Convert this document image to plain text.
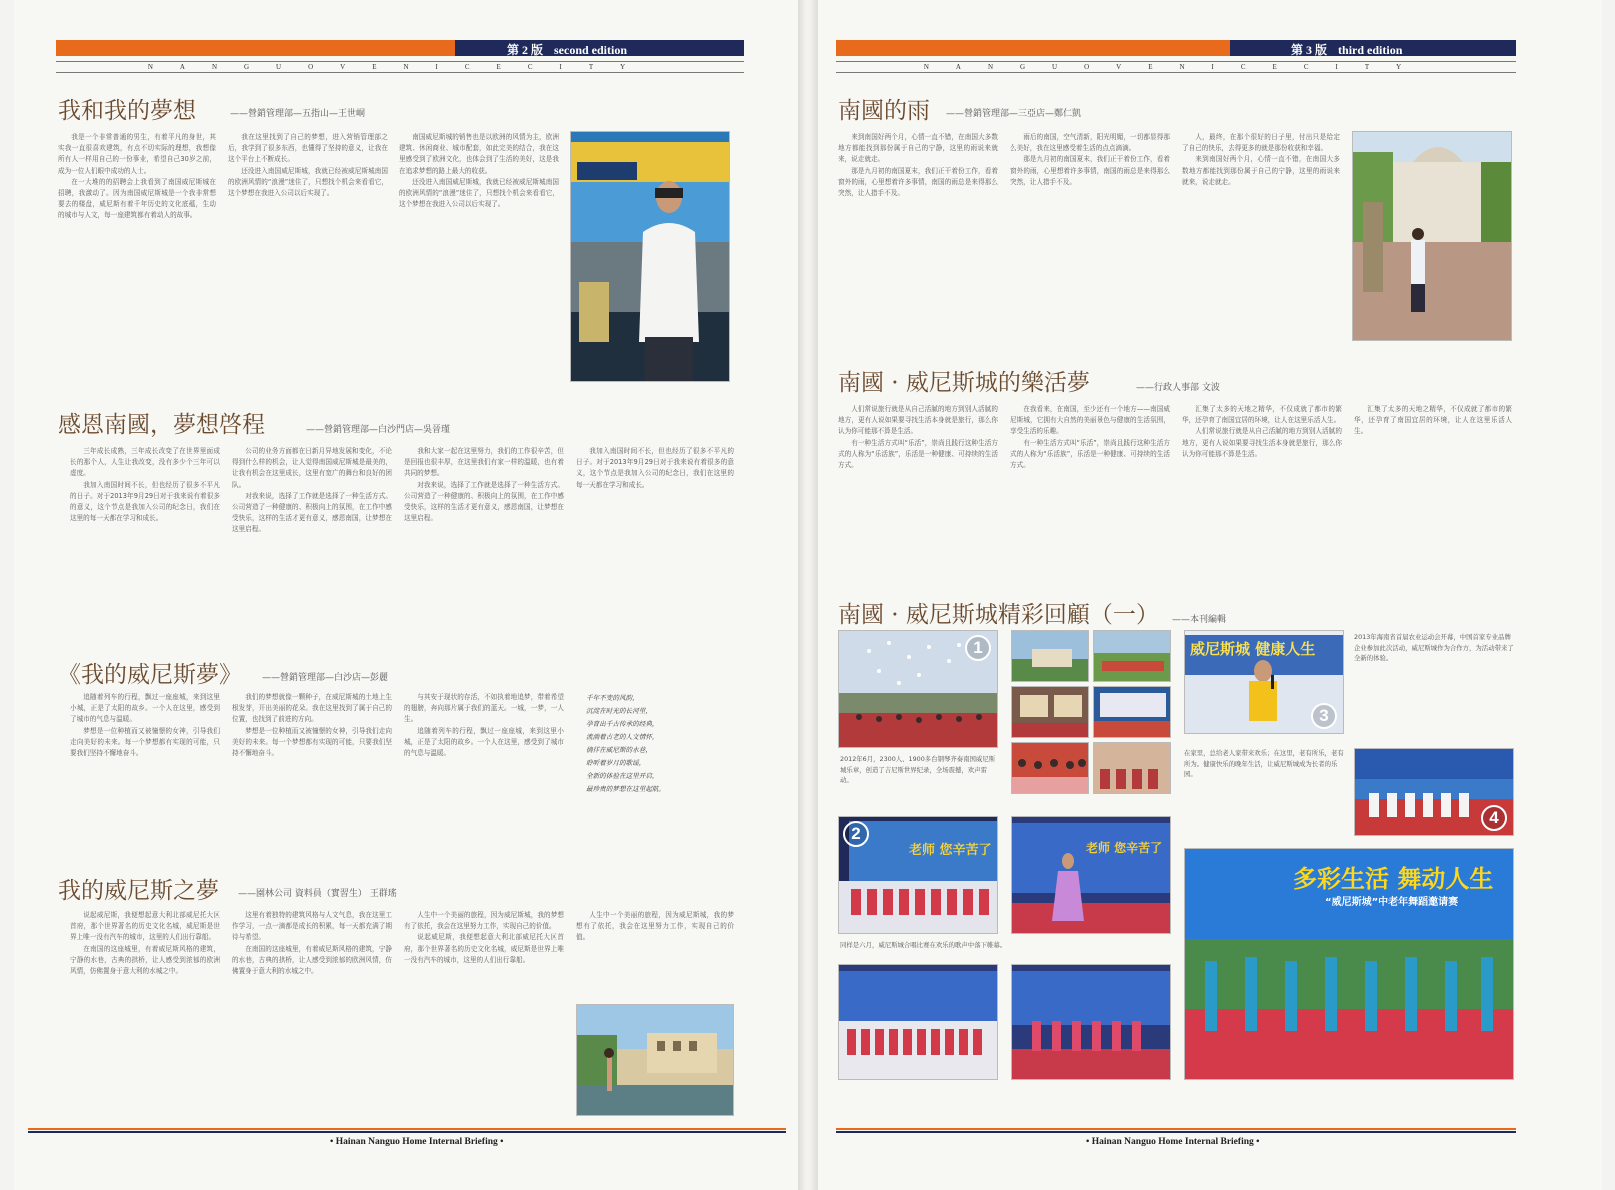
第 2 版 second edition
NANGUOVENICECITY
我和我的夢想	——營銷管理部—五指山—王世峒

我是一个非常普通的男生，有着平凡的身世，其实我一直很喜欢建筑，有点不切实际的理想，我想像所有人一样用自己的一份事业，希望自己30岁之前，成为一位人们眼中成功的人士。

在一大堆的的招聘会上我看到了南国威尼斯城在招聘，我激动了。因为南国威尼斯城是一个我非常想要去的楼盘，威尼斯有着千年历史的文化底蕴，生动的城市与人文，每一座建筑都有着动人的故事。

我在这里找到了自己的梦想，进入营销管理部之后，我学到了很多东西，也懂得了坚持的意义，让我在这个平台上不断成长。

还没进入南国威尼斯城，我就已经被威尼斯城南国的欧洲风情的“浪漫”迷住了，只想找个机会来看看它，这个梦想在我进入公司以后实现了。

南国威尼斯城的销售也是以欧洲的风情为主，欧洲建筑、休闲商业、城市配套，如此完美的结合，我在这里感受到了欧洲文化，也体会到了生活的美好，这是我在追求梦想的路上最大的收获。

还没进入南国威尼斯城，我就已经被威尼斯城南国的欧洲风情的“浪漫”迷住了，只想找个机会来看看它，这个梦想在我进入公司以后实现了。

感恩南國，夢想啓程	——營銷管理部—白沙門店—吳晉瑾

三年成长成熟，三年成长改变了在世界里面成长的那个人，人生让我改变，没有多少个三年可以虚度。

我加入南国时间不长，但也经历了很多不平凡的日子。对于2013年9月29日对于我来说有着很多的意义，这个节点是我加入公司的纪念日，我们在这里的每一天都在学习和成长。

公司的业务方面都在日新月异地发展和变化，不论得到什么样的机会，让人觉得南国威尼斯城是最美的，让我有机会在这里成长，这里有宽广的舞台和良好的团队。

对我来说，选择了工作就是选择了一种生活方式。公司营造了一种健康的、积极向上的氛围，在工作中感受快乐，这样的生活才更有意义，感恩南国，让梦想在这里启程。

我和大家一起在这里努力，我们的工作很辛苦，但是回报也很丰厚，在这里我们有家一样的温暖，也有着共同的梦想。

对我来说，选择了工作就是选择了一种生活方式。公司营造了一种健康的、积极向上的氛围，在工作中感受快乐，这样的生活才更有意义，感恩南国，让梦想在这里启程。

我加入南国时间不长，但也经历了很多不平凡的日子。对于2013年9月29日对于我来说有着很多的意义，这个节点是我加入公司的纪念日，我们在这里的每一天都在学习和成长。

《我的威尼斯夢》 ——營銷管理部—白沙店—彭麗

追随着列车的行程，飘过一座座城，来到这里小城，正是了太阳的故乡。一个人在这里，感受到了城市的气息与温暖。

梦想是一位种植而又被憧憬的女神，引导我们走向美好的未来。每一个梦想都有实现的可能，只要我们坚持不懈地奋斗。

我们的梦想就像一颗种子，在威尼斯城的土地上生根发芽，开出美丽的花朵。我在这里找到了属于自己的位置，也找到了前进的方向。

梦想是一位种植而又被憧憬的女神，引导我们走向美好的未来。每一个梦想都有实现的可能，只要我们坚持不懈地奋斗。

与其安于现状的存活，不如执着地追梦，带着希望的翅膀，奔向那片属于我们的蓝天。一城，一梦，一人生。

追随着列车的行程，飘过一座座城，来到这里小城，正是了太阳的故乡。一个人在这里，感受到了城市的气息与温暖。

千年不变的风韵，
沉淀在时光的长河里，
孕育出千古传承的经典，
流淌着古老的人文情怀，
徜徉在威尼斯的水巷，
聆听着岁月的歌谣，
全新的体验在这里开启，
最珍贵的梦想在这里起航。
我的威尼斯之夢 ——園林公司 資料員（實習生） 王群瑤

说起威尼斯，我便想起意大利北部威尼托大区首府，那个世界著名的历史文化名城，威尼斯是世界上唯一没有汽车的城市，这里的人们出行靠船。

在南国的这座城里，有着威尼斯风格的建筑，宁静的水巷，古典的拱桥，让人感受到浓郁的欧洲风情，仿佛置身于意大利的水城之中。

这里有着独特的建筑风格与人文气息，我在这里工作学习，一点一滴都是成长的积累，每一天都充满了期待与希望。

在南国的这座城里，有着威尼斯风格的建筑，宁静的水巷，古典的拱桥，让人感受到浓郁的欧洲风情，仿佛置身于意大利的水城之中。

人生中一个美丽的旅程，因为威尼斯城，我的梦想有了依托，我会在这里努力工作，实现自己的价值。

说起威尼斯，我便想起意大利北部威尼托大区首府，那个世界著名的历史文化名城，威尼斯是世界上唯一没有汽车的城市，这里的人们出行靠船。

人生中一个美丽的旅程，因为威尼斯城，我的梦想有了依托，我会在这里努力工作，实现自己的价值。

• Hainan Nanguo Home Internal Briefing •
第 3 版 third edition
NANGUOVENICECITY
南國的雨 ——營銷管理部—三亞店—鄭仁凱

来到南国好两个月，心情一直不错，在南国大多数地方都能找到那份属于自己的宁静，这里的雨说来就来，说走就走。

那是九月初的南国夏末，我们正干着份工作，看着窗外的雨，心里想着许多事情，南国的雨总是来得那么突然，让人措手不及。

雨后的南国，空气清新，阳光明媚，一切都显得那么美好，我在这里感受着生活的点点滴滴。

那是九月初的南国夏末，我们正干着份工作，看着窗外的雨，心里想着许多事情，南国的雨总是来得那么突然，让人措手不及。

人，最终，在那个很好的日子里，付出只是给定了自己的快乐，去得更多的就是那份收获和幸福。

来到南国好两个月，心情一直不错，在南国大多数地方都能找到那份属于自己的宁静，这里的雨说来就来，说走就走。

南國 · 威尼斯城的樂活夢	——行政人事部 文波

人们常说旅行就是从自己活腻的地方到别人活腻的地方，更有人说如果要寻找生活本身就是旅行，那么你认为你可能那不算是生活。

有一种生活方式叫“乐活”，崇尚且践行这种生活方式的人称为“乐活族”，乐活是一种健康、可持续的生活方式。

在我看来，在南国，至少还有一个地方——南国威尼斯城，它拥有大自然的美丽景色与健康的生活氛围，享受生活的乐趣。

有一种生活方式叫“乐活”，崇尚且践行这种生活方式的人称为“乐活族”，乐活是一种健康、可持续的生活方式。

汇集了太多的天地之精华，不仅成就了都市的繁华，还孕育了南国宜居的环境，让人在这里乐活人生。

人们常说旅行就是从自己活腻的地方到别人活腻的地方，更有人说如果要寻找生活本身就是旅行，那么你认为你可能那不算是生活。

汇集了太多的天地之精华，不仅成就了都市的繁华，还孕育了南国宜居的环境，让人在这里乐活人生。

南國 · 威尼斯城精彩回顧（一） ——本刊編輯
1
2012年6月，2300人、1900多台钢琴齐奏南国威尼斯城乐章，创造了吉尼斯世界纪录，全场震撼，欢声雷动。
3
威尼斯城 健康人生
2013年海南省首届农业运动会开幕，中国首家专业品牌企业参加此次活动，威尼斯城作为合作方，为活动带来了全新的体验。
老师 您辛苦了
2
老师 您辛苦了
同样是六月，威尼斯城合唱比赛在欢乐的歌声中落下帷幕。
4
在家里，总给老人家带来欢乐；在这里，老有所乐，老有所为。健康快乐的晚年生活，让威尼斯城成为长者的乐园。
多彩生活 舞动人生
“威尼斯城”中老年舞蹈邀请赛
• Hainan Nanguo Home Internal Briefing •
